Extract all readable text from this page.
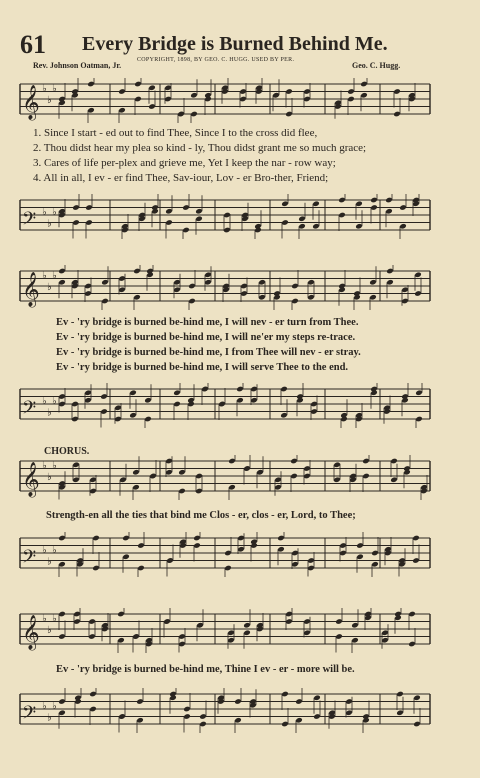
61 Every Bridge is Burned Behind Me.
Rev. Johnson Oatman, Jr.
COPYRIGHT, 1898, BY GEO. C. HUGG. USED BY PER.
Geo. C. Hugg.
𝄞 ♭
♭
♭
1. Since I start - ed out to find Thee, Since I to the cross did flee,
2. Thou didst hear my plea so kind - ly, Thou didst grant me so much grace;
3. Cares of life per-plex and grieve me, Yet I keep the nar - row way;
4. All in all, I ev - er find Thee, Sav-iour, Lov - er Bro-ther, Friend;
𝄢 ♭
♭
♭
𝄞 ♭
♭
♭
Ev - 'ry bridge is burned be-hind me, I will nev - er turn from Thee.
Ev - 'ry bridge is burned be-hind me, I will ne'er my steps re-trace.
Ev - 'ry bridge is burned be-hind me, I from Thee will nev - er stray.
Ev - 'ry bridge is burned be-hind me, I will serve Thee to the end.
𝄢 ♭
♭
♭
CHORUS.
𝄞 ♭
♭
♭
Strength-en all the ties that bind me Clos - er, clos - er, Lord, to Thee;
𝄢 ♭
♭
♭
𝄞 ♭
♭
♭
Ev - 'ry bridge is burned be-hind me, Thine I ev - er - more will be.
𝄢 ♭
♭
♭
